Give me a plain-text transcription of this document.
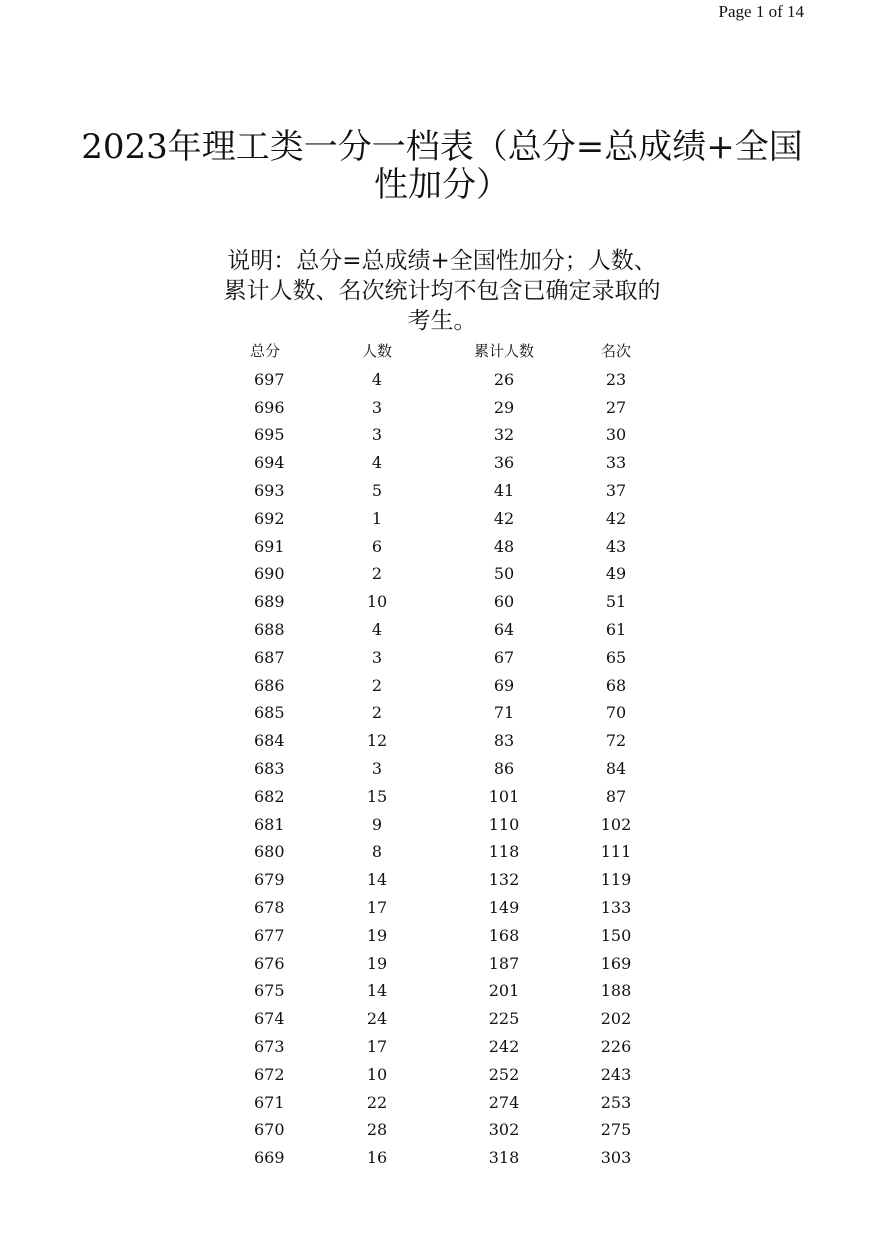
Page 1 of 14
2023年理工类一分一档表（总分=总成绩+全国性加分）
说明：总分=总成绩+全国性加分；人数、累计人数、名次统计均不包含已确定录取的考生。
总分	人数	累计人数	名次
697	4	26	23
696	3	29	27
695	3	32	30
694	4	36	33
693	5	41	37
692	1	42	42
691	6	48	43
690	2	50	49
689	10	60	51
688	4	64	61
687	3	67	65
686	2	69	68
685	2	71	70
684	12	83	72
683	3	86	84
682	15	101	87
681	9	110	102
680	8	118	111
679	14	132	119
678	17	149	133
677	19	168	150
676	19	187	169
675	14	201	188
674	24	225	202
673	17	242	226
672	10	252	243
671	22	274	253
670	28	302	275
669	16	318	303
